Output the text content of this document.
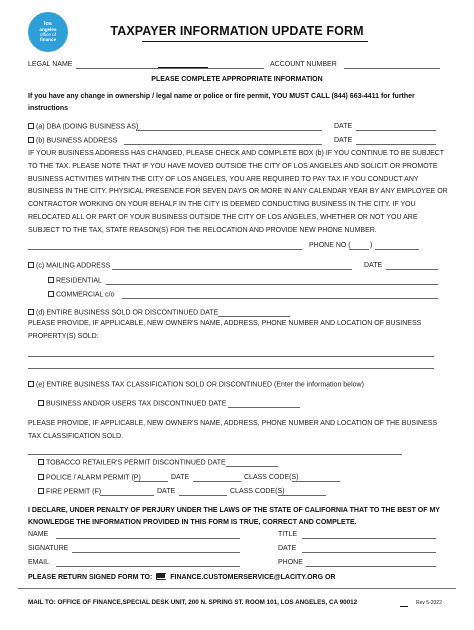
los
angeles
office of
finance
TAXPAYER INFORMATION UPDATE FORM
LEGAL NAME	ACCOUNT NUMBER
PLEASE COMPLETE APPROPRIATE INFORMATION
If you have any change in ownership / legal name or police or fire permit, YOU MUST CALL (844) 663-4411 for further instructions
(a) DBA (DOING BUSINESS AS)	DATE
(b) BUSINESS ADDRESS	DATE
IF YOUR BUSINESS ADDRESS HAS CHANGED, PLEASE CHECK AND COMPLETE BOX (b) IF YOU CONTINUE TO BE SUBJECT TO THE TAX. PLEASE NOTE THAT IF YOU HAVE MOVED OUTSIDE THE CITY OF LOS ANGELES AND SOLICIT OR PROMOTE BUSINESS ACTIVITIES WITHIN THE CITY OF LOS ANGELES, YOU ARE REQUIRED TO PAY TAX IF YOU CONDUCT ANY BUSINESS IN THE CITY. PHYSICAL PRESENCE FOR SEVEN DAYS OR MORE IN ANY CALENDAR YEAR BY ANY EMPLOYEE OR CONTRACTOR WORKING ON YOUR BEHALF IN THE CITY IS DEEMED CONDUCTING BUSINESS IN THE CITY. IF YOU RELOCATED ALL OR PART OF YOUR BUSINESS OUTSIDE THE CITY OF LOS ANGELES, WHETHER OR NOT YOU ARE SUBJECT TO THE TAX, STATE REASON(S) FOR THE RELOCATION AND PROVIDE NEW PHONE NUMBER.
PHONE NO (	)
(c) MAILING ADDRESS	DATE
RESIDENTIAL
COMMERCIAL c/o
(d) ENTIRE BUSINESS SOLD OR DISCONTINUED DATE
PLEASE PROVIDE, IF APPLICABLE, NEW OWNER'S NAME, ADDRESS, PHONE NUMBER AND LOCATION OF BUSINESS PROPERTY(S) SOLD:
(e) ENTIRE BUSINESS TAX CLASSIFICATION SOLD OR DISCONTINUED (Enter the information below)
BUSINESS AND/OR USERS TAX DISCONTINUED DATE
PLEASE PROVIDE, IF APPLICABLE, NEW OWNER'S NAME, ADDRESS, PHONE NUMBER AND LOCATION OF THE BUSINESS TAX CLASSIFICATION SOLD.
TOBACCO RETAILER'S PERMIT DISCONTINUED DATE
POLICE / ALARM PERMIT (P)	DATE	CLASS CODE(S)
FIRE PERMIT (F)	DATE	CLASS CODE(S)
I DECLARE, UNDER PENALTY OF PERJURY UNDER THE LAWS OF THE STATE OF CALIFORNIA THAT TO THE BEST OF MY KNOWLEDGE THE INFORMATION PROVIDED IN THIS FORM IS TRUE, CORRECT AND COMPLETE.
NAME	TITLE
SIGNATURE	DATE
EMAIL	PHONE
PLEASE RETURN SIGNED FORM TO:	FINANCE.CUSTOMERSERVICE@LACITY.ORG OR
MAIL TO: OFFICE OF FINANCE,SPECIAL DESK UNIT, 200 N. SPRING ST. ROOM 101, LOS ANGELES, CA 90012	Rev 5-2022
